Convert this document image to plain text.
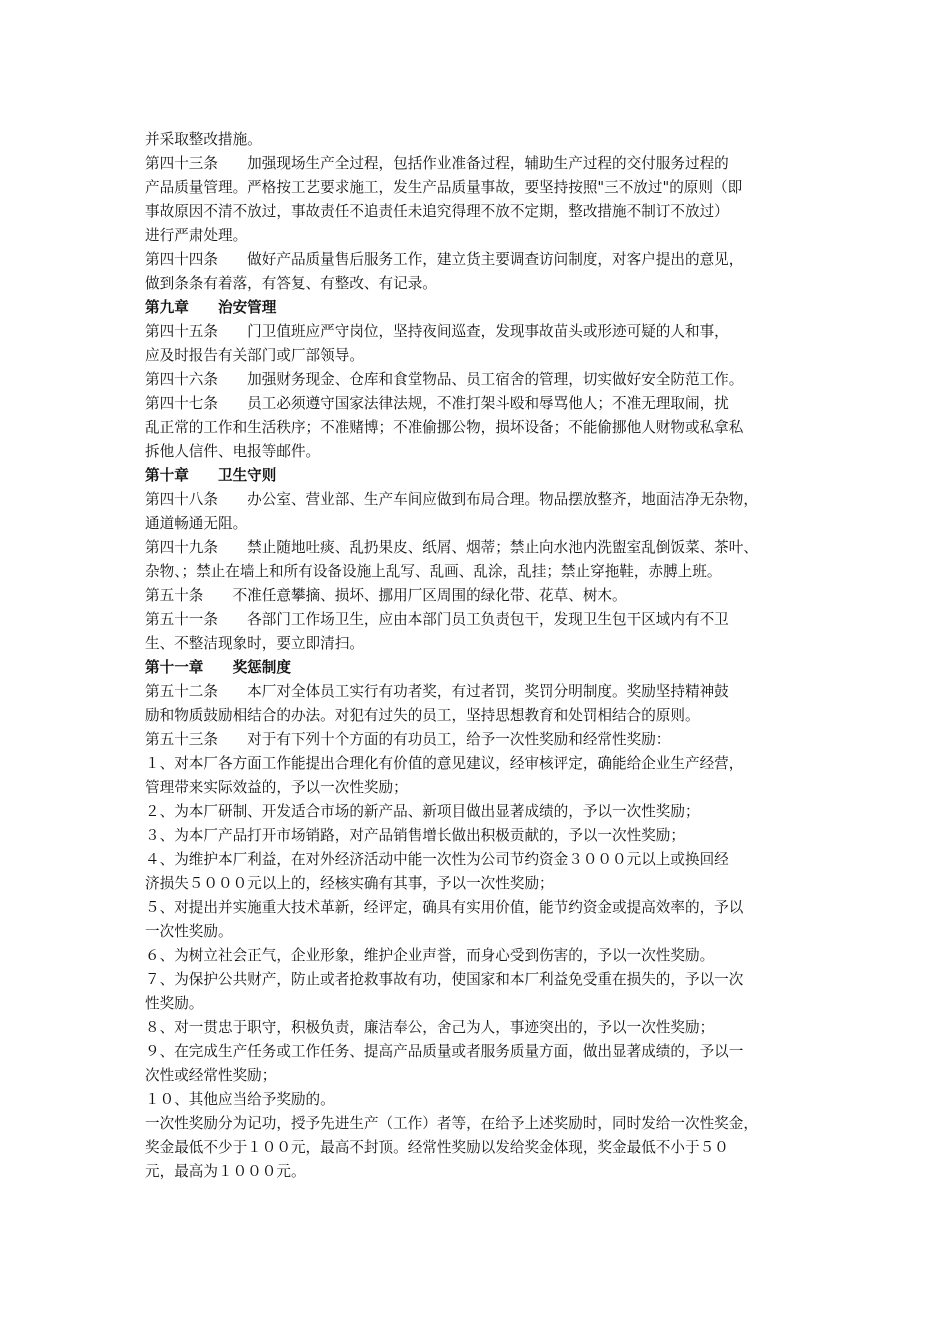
并采取整改措施。
第四十三条　　加强现场生产全过程，包括作业准备过程，辅助生产过程的交付服务过程的
产品质量管理。严格按工艺要求施工，发生产品质量事故，要坚持按照"三不放过"的原则（即
事故原因不清不放过，事故责任不追责任未追究得理不放不定期，整改措施不制订不放过）
进行严肃处理。
第四十四条　　做好产品质量售后服务工作，建立货主要调查访问制度，对客户提出的意见，
做到条条有着落，有答复、有整改、有记录。
第九章　　治安管理
第四十五条　　门卫值班应严守岗位，坚持夜间巡查，发现事故苗头或形迹可疑的人和事，
应及时报告有关部门或厂部领导。
第四十六条　　加强财务现金、仓库和食堂物品、员工宿舍的管理，切实做好安全防范工作。
第四十七条　　员工必须遵守国家法律法规，不准打架斗殴和辱骂他人；不准无理取闹，扰
乱正常的工作和生活秩序；不准赌博；不准偷挪公物，损坏设备；不能偷挪他人财物或私拿私
拆他人信件、电报等邮件。
第十章　　卫生守则
第四十八条　　办公室、营业部、生产车间应做到布局合理。物品摆放整齐，地面洁净无杂物，
通道畅通无阻。
第四十九条　　禁止随地吐痰、乱扔果皮、纸屑、烟蒂；禁止向水池内洗盥室乱倒饭菜、茶叶、
杂物、；禁止在墙上和所有设备设施上乱写、乱画、乱涂，乱挂；禁止穿拖鞋，赤膊上班。
第五十条　　不准任意攀摘、损坏、挪用厂区周围的绿化带、花草、树木。
第五十一条　　各部门工作场卫生，应由本部门员工负责包干，发现卫生包干区域内有不卫
生、不整洁现象时，要立即清扫。
第十一章　　奖惩制度
第五十二条　　本厂对全体员工实行有功者奖，有过者罚，奖罚分明制度。奖励坚持精神鼓
励和物质鼓励相结合的办法。对犯有过失的员工，坚持思想教育和处罚相结合的原则。
第五十三条　　对于有下列十个方面的有功员工，给予一次性奖励和经常性奖励：
１、对本厂各方面工作能提出合理化有价值的意见建议，经审核评定，确能给企业生产经营，
管理带来实际效益的，予以一次性奖励；
２、为本厂研制、开发适合市场的新产品、新项目做出显著成绩的，予以一次性奖励；
３、为本厂产品打开市场销路，对产品销售增长做出积极贡献的，予以一次性奖励；
４、为维护本厂利益，在对外经济活动中能一次性为公司节约资金３０００元以上或换回经
济损失５０００元以上的，经核实确有其事，予以一次性奖励；
５、对提出并实施重大技术革新，经评定，确具有实用价值，能节约资金或提高效率的，予以
一次性奖励。
６、为树立社会正气，企业形象，维护企业声誉，而身心受到伤害的，予以一次性奖励。
７、为保护公共财产，防止或者抢救事故有功，使国家和本厂利益免受重在损失的，予以一次
性奖励。
８、对一贯忠于职守，积极负责，廉洁奉公，舍己为人，事迹突出的，予以一次性奖励；
９、在完成生产任务或工作任务、提高产品质量或者服务质量方面，做出显著成绩的，予以一
次性或经常性奖励；
１０、其他应当给予奖励的。
一次性奖励分为记功，授予先进生产（工作）者等，在给予上述奖励时，同时发给一次性奖金，
奖金最低不少于１００元，最高不封顶。经常性奖励以发给奖金体现，奖金最低不小于５０
元，最高为１０００元。
